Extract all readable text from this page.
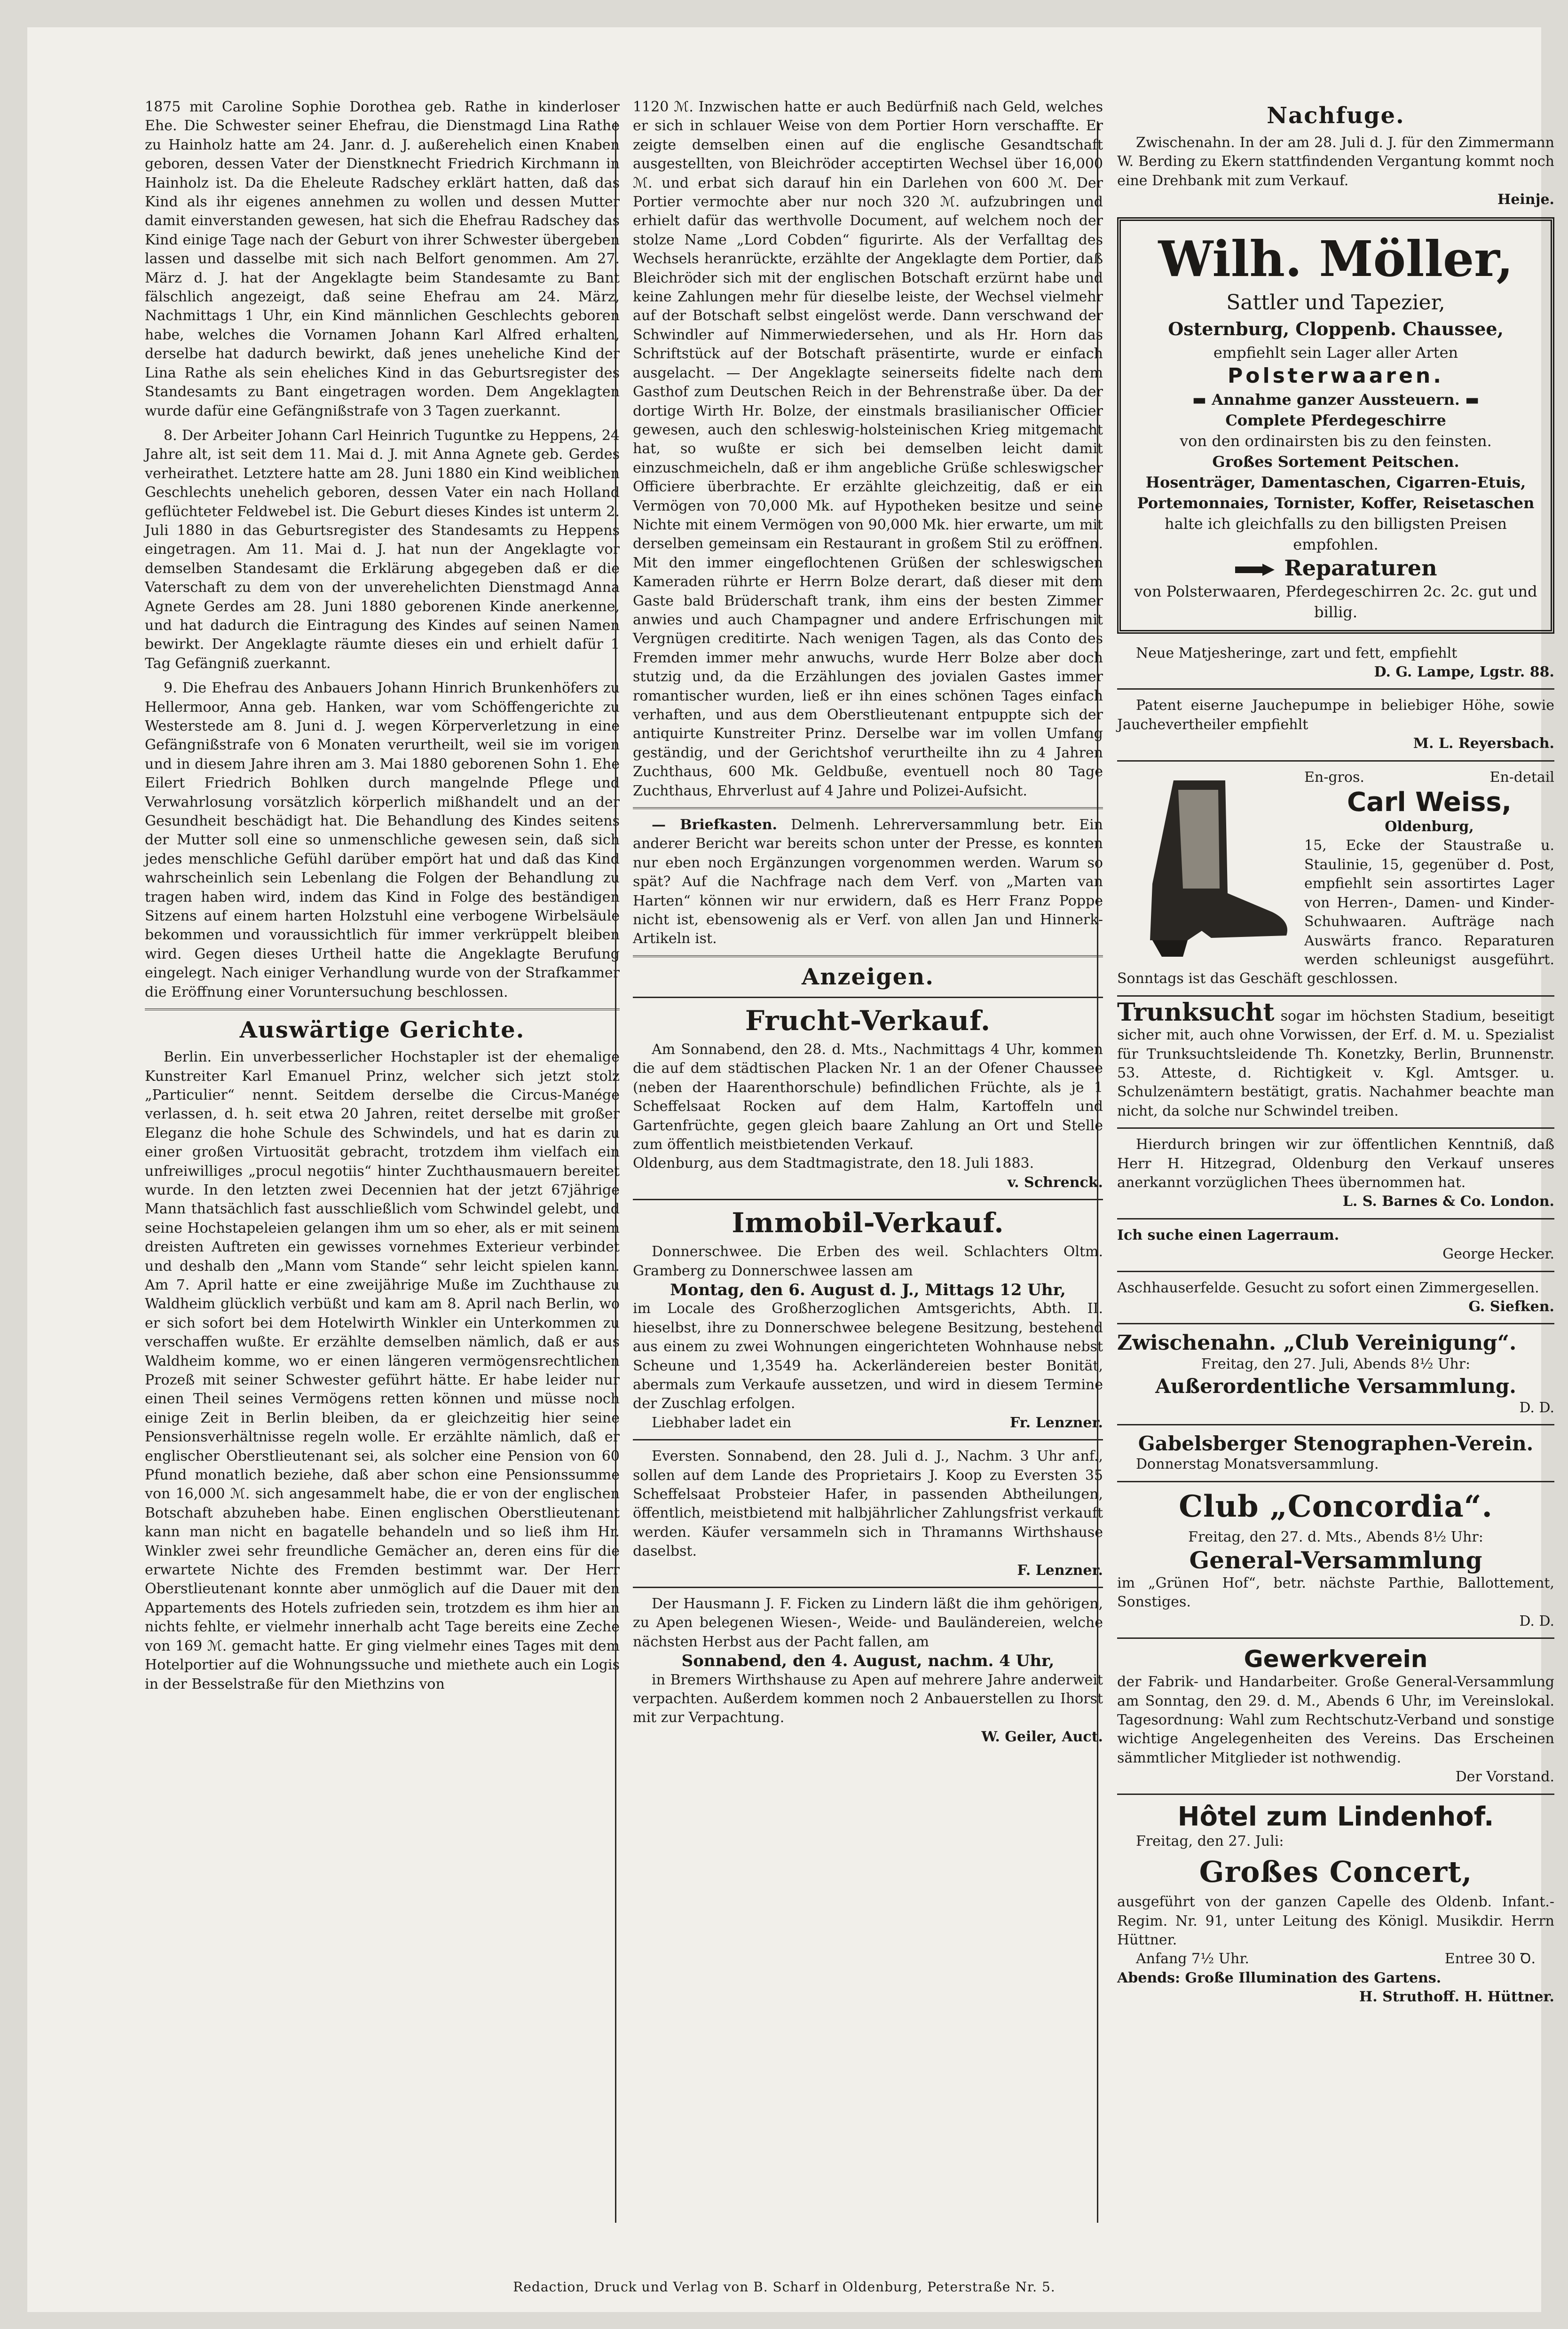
1875 mit Caroline Sophie Dorothea geb. Rathe in kinderloser Ehe. Die Schwester seiner Ehefrau, die Dienstmagd Lina Rathe zu Hainholz hatte am 24. Janr. d. J. außerehelich einen Knaben geboren, dessen Vater der Dienstknecht Friedrich Kirchmann in Hainholz ist. Da die Eheleute Radschey erklärt hatten, daß das Kind als ihr eigenes annehmen zu wollen und dessen Mutter damit einverstanden gewesen, hat sich die Ehefrau Radschey das Kind einige Tage nach der Geburt von ihrer Schwester übergeben lassen und dasselbe mit sich nach Belfort genommen. Am 27. März d. J. hat der Angeklagte beim Standesamte zu Bant fälschlich angezeigt, daß seine Ehefrau am 24. März, Nachmittags 1 Uhr, ein Kind männlichen Geschlechts geboren habe, welches die Vornamen Johann Karl Alfred erhalten, derselbe hat dadurch bewirkt, daß jenes uneheliche Kind der Lina Rathe als sein eheliches Kind in das Geburtsregister des Standesamts zu Bant eingetragen worden. Dem Angeklagten wurde dafür eine Gefängnißstrafe von 3 Tagen zuerkannt.

8. Der Arbeiter Johann Carl Heinrich Tuguntke zu Heppens, 24 Jahre alt, ist seit dem 11. Mai d. J. mit Anna Agnete geb. Gerdes verheirathet. Letztere hatte am 28. Juni 1880 ein Kind weiblichen Geschlechts unehelich geboren, dessen Vater ein nach Holland geflüchteter Feldwebel ist. Die Geburt dieses Kindes ist unterm 2. Juli 1880 in das Geburtsregister des Standesamts zu Heppens eingetragen. Am 11. Mai d. J. hat nun der Angeklagte vor demselben Standesamt die Erklärung abgegeben daß er die Vaterschaft zu dem von der unverehelichten Dienstmagd Anna Agnete Gerdes am 28. Juni 1880 geborenen Kinde anerkenne, und hat dadurch die Eintragung des Kindes auf seinen Namen bewirkt. Der Angeklagte räumte dieses ein und erhielt dafür 1 Tag Gefängniß zuerkannt.

9. Die Ehefrau des Anbauers Johann Hinrich Brunkenhöfers zu Hellermoor, Anna geb. Hanken, war vom Schöffengerichte zu Westerstede am 8. Juni d. J. wegen Körperverletzung in eine Gefängnißstrafe von 6 Monaten verurtheilt, weil sie im vorigen und in diesem Jahre ihren am 3. Mai 1880 geborenen Sohn 1. Ehe Eilert Friedrich Bohlken durch mangelnde Pflege und Verwahrlosung vorsätzlich körperlich mißhandelt und an der Gesundheit beschädigt hat. Die Behandlung des Kindes seitens der Mutter soll eine so unmenschliche gewesen sein, daß sich jedes menschliche Gefühl darüber empört hat und daß das Kind wahrscheinlich sein Lebenlang die Folgen der Behandlung zu tragen haben wird, indem das Kind in Folge des beständigen Sitzens auf einem harten Holzstuhl eine verbogene Wirbelsäule bekommen und voraussichtlich für immer verkrüppelt bleiben wird. Gegen dieses Urtheil hatte die Angeklagte Berufung eingelegt. Nach einiger Verhandlung wurde von der Strafkammer die Eröffnung einer Voruntersuchung beschlossen.

Auswärtige Gerichte.

Berlin. Ein unverbesserlicher Hochstapler ist der ehemalige Kunstreiter Karl Emanuel Prinz, welcher sich jetzt stolz „Particulier“ nennt. Seitdem derselbe die Circus-Manége verlassen, d. h. seit etwa 20 Jahren, reitet derselbe mit großer Eleganz die hohe Schule des Schwindels, und hat es darin zu einer großen Virtuosität gebracht, trotzdem ihm vielfach ein unfreiwilliges „procul negotiis“ hinter Zuchthausmauern bereitet wurde. In den letzten zwei Decennien hat der jetzt 67jährige Mann thatsächlich fast ausschließlich vom Schwindel gelebt, und seine Hochstapeleien gelangen ihm um so eher, als er mit seinem dreisten Auftreten ein gewisses vornehmes Exterieur verbindet und deshalb den „Mann vom Stande“ sehr leicht spielen kann. Am 7. April hatte er eine zweijährige Muße im Zuchthause zu Waldheim glücklich verbüßt und kam am 8. April nach Berlin, wo er sich sofort bei dem Hotelwirth Winkler ein Unterkommen zu verschaffen wußte. Er erzählte demselben nämlich, daß er aus Waldheim komme, wo er einen längeren vermögensrechtlichen Prozeß mit seiner Schwester geführt hätte. Er habe leider nur einen Theil seines Vermögens retten können und müsse noch einige Zeit in Berlin bleiben, da er gleichzeitig hier seine Pensionsverhältnisse regeln wolle. Er erzählte nämlich, daß er englischer Oberstlieutenant sei, als solcher eine Pension von 60 Pfund monatlich beziehe, daß aber schon eine Pensionssumme von 16,000 ℳ. sich angesammelt habe, die er von der englischen Botschaft abzuheben habe. Einen englischen Oberstlieutenant kann man nicht en bagatelle behandeln und so ließ ihm Hr. Winkler zwei sehr freundliche Gemächer an, deren eins für die erwartete Nichte des Fremden bestimmt war. Der Herr Oberstlieutenant konnte aber unmöglich auf die Dauer mit den Appartements des Hotels zufrieden sein, trotzdem es ihm hier an nichts fehlte, er vielmehr innerhalb acht Tage bereits eine Zeche von 169 ℳ. gemacht hatte. Er ging vielmehr eines Tages mit dem Hotelportier auf die Wohnungssuche und miethete auch ein Logis in der Besselstraße für den Miethzins von

1120 ℳ. Inzwischen hatte er auch Bedürfniß nach Geld, welches er sich in schlauer Weise von dem Portier Horn verschaffte. Er zeigte demselben einen auf die englische Gesandtschaft ausgestellten, von Bleichröder acceptirten Wechsel über 16,000 ℳ. und erbat sich darauf hin ein Darlehen von 600 ℳ. Der Portier vermochte aber nur noch 320 ℳ. aufzubringen und erhielt dafür das werthvolle Document, auf welchem noch der stolze Name „Lord Cobden“ figurirte. Als der Verfalltag des Wechsels heranrückte, erzählte der Angeklagte dem Portier, daß Bleichröder sich mit der englischen Botschaft erzürnt habe und keine Zahlungen mehr für dieselbe leiste, der Wechsel vielmehr auf der Botschaft selbst eingelöst werde. Dann verschwand der Schwindler auf Nimmerwiedersehen, und als Hr. Horn das Schriftstück auf der Botschaft präsentirte, wurde er einfach ausgelacht. — Der Angeklagte seinerseits fidelte nach dem Gasthof zum Deutschen Reich in der Behrenstraße über. Da der dortige Wirth Hr. Bolze, der einstmals brasilianischer Officier gewesen, auch den schleswig-holsteinischen Krieg mitgemacht hat, so wußte er sich bei demselben leicht damit einzuschmeicheln, daß er ihm angebliche Grüße schleswigscher Officiere überbrachte. Er erzählte gleichzeitig, daß er ein Vermögen von 70,000 Mk. auf Hypotheken besitze und seine Nichte mit einem Vermögen von 90,000 Mk. hier erwarte, um mit derselben gemeinsam ein Restaurant in großem Stil zu eröffnen. Mit den immer eingeflochtenen Grüßen der schleswigschen Kameraden rührte er Herrn Bolze derart, daß dieser mit dem Gaste bald Brüderschaft trank, ihm eins der besten Zimmer anwies und auch Champagner und andere Erfrischungen mit Vergnügen creditirte. Nach wenigen Tagen, als das Conto des Fremden immer mehr anwuchs, wurde Herr Bolze aber doch stutzig und, da die Erzählungen des jovialen Gastes immer romantischer wurden, ließ er ihn eines schönen Tages einfach verhaften, und aus dem Oberstlieutenant entpuppte sich der antiquirte Kunstreiter Prinz. Derselbe war im vollen Umfang geständig, und der Gerichtshof verurtheilte ihn zu 4 Jahren Zuchthaus, 600 Mk. Geldbuße, eventuell noch 80 Tage Zuchthaus, Ehrverlust auf 4 Jahre und Polizei-Aufsicht.

— Briefkasten. Delmenh. Lehrerversammlung betr. Ein anderer Bericht war bereits schon unter der Presse, es konnten nur eben noch Ergänzungen vorgenommen werden. Warum so spät? Auf die Nachfrage nach dem Verf. von „Marten van Harten“ können wir nur erwidern, daß es Herr Franz Poppe nicht ist, ebensowenig als er Verf. von allen Jan und Hinnerk-Artikeln ist.

Anzeigen.
Frucht-Verkauf.

Am Sonnabend, den 28. d. Mts., Nachmittags 4 Uhr, kommen die auf dem städtischen Placken Nr. 1 an der Ofener Chaussee (neben der Haarenthorschule) befindlichen Früchte, als je 1 Scheffelsaat Rocken auf dem Halm, Kartoffeln und Gartenfrüchte, gegen gleich baare Zahlung an Ort und Stelle zum öffentlich meistbietenden Verkauf.

Oldenburg, aus dem Stadtmagistrate, den 18. Juli 1883.

v. Schrenck.

Immobil-Verkauf.

Donnerschwee. Die Erben des weil. Schlachters Oltm. Gramberg zu Donnerschwee lassen am

Montag, den 6. August d. J., Mittags 12 Uhr,

im Locale des Großherzoglichen Amtsgerichts, Abth. II. hieselbst, ihre zu Donnerschwee belegene Besitzung, bestehend aus einem zu zwei Wohnungen eingerichteten Wohnhause nebst Scheune und 1,3549 ha. Ackerländereien bester Bonität, abermals zum Verkaufe aussetzen, und wird in diesem Termine der Zuschlag erfolgen.

Liebhaber ladet ein	Fr. Lenzner.

Eversten. Sonnabend, den 28. Juli d. J., Nachm. 3 Uhr anf., sollen auf dem Lande des Proprietairs J. Koop zu Eversten 35 Scheffelsaat Probsteier Hafer, in passenden Abtheilungen, öffentlich, meistbietend mit halbjährlicher Zahlungsfrist verkauft werden. Käufer versammeln sich in Thramanns Wirthshause daselbst.

F. Lenzner.

Der Hausmann J. F. Ficken zu Lindern läßt die ihm gehörigen, zu Apen belegenen Wiesen-, Weide- und Bauländereien, welche nächsten Herbst aus der Pacht fallen, am

Sonnabend, den 4. August, nachm. 4 Uhr,

in Bremers Wirthshause zu Apen auf mehrere Jahre anderweit verpachten. Außerdem kommen noch 2 Anbauerstellen zu Ihorst mit zur Verpachtung.

W. Geiler, Auct.

Nachfuge.

Zwischenahn. In der am 28. Juli d. J. für den Zimmermann W. Berding zu Ekern stattfindenden Vergantung kommt noch eine Drehbank mit zum Verkauf.

Heinje.

Wilh. Möller,
Sattler und Tapezier,
Osternburg, Cloppenb. Chaussee,

empfiehlt sein Lager aller Arten

Polsterwaaren.

▬ Annahme ganzer Aussteuern. ▬

Complete Pferdegeschirre

von den ordinairsten bis zu den feinsten.

Großes Sortement Peitschen.

Hosenträger, Damentaschen, Cigarren-Etuis, Portemonnaies, Tornister, Koffer, Reisetaschen

halte ich gleichfalls zu den billigsten Preisen empfohlen.

Reparaturen

von Polsterwaaren, Pferdegeschirren 2c. 2c. gut und billig.

Neue Matjesheringe, zart und fett, empfiehlt

D. G. Lampe, Lgstr. 88.

Patent eiserne Jauchepumpe in beliebiger Höhe, sowie Jauchevertheiler empfiehlt

M. L. Reyersbach.

En-gros.	En-detail

Carl Weiss,

Oldenburg,

15, Ecke der Staustraße u. Staulinie, 15, gegenüber d. Post, empfiehlt sein assortirtes Lager von Herren-, Damen- und Kinder-Schuhwaaren. Aufträge nach Auswärts franco. Reparaturen werden schleunigst ausgeführt. Sonntags ist das Geschäft geschlossen.

Trunksucht sogar im höchsten Stadium, beseitigt sicher mit, auch ohne Vorwissen, der Erf. d. M. u. Spezialist für Trunksuchtsleidende Th. Konetzky, Berlin, Brunnenstr. 53. Atteste, d. Richtigkeit v. Kgl. Amtsger. u. Schulzenämtern bestätigt, gratis. Nachahmer beachte man nicht, da solche nur Schwindel treiben.

Hierdurch bringen wir zur öffentlichen Kenntniß, daß Herr H. Hitzegrad, Oldenburg den Verkauf unseres anerkannt vorzüglichen Thees übernommen hat.

L. S. Barnes & Co. London.

Ich suche einen Lagerraum.

George Hecker.

Aschhauserfelde. Gesucht zu sofort einen Zimmergesellen.

G. Siefken.

Zwischenahn. „Club Vereinigung“.

Freitag, den 27. Juli, Abends 8½ Uhr:

Außerordentliche Versammlung.

D. D.

Gabelsberger Stenographen-Verein.

Donnerstag Monatsversammlung.

Club „Concordia“.

Freitag, den 27. d. Mts., Abends 8½ Uhr:

General-Versammlung

im „Grünen Hof“, betr. nächste Parthie, Ballottement, Sonstiges.

D. D.

Gewerkverein

der Fabrik- und Handarbeiter. Große General-Versammlung am Sonntag, den 29. d. M., Abends 6 Uhr, im Vereinslokal. Tagesordnung: Wahl zum Rechtschutz-Verband und sonstige wichtige Angelegenheiten des Vereins. Das Erscheinen sämmtlicher Mitglieder ist nothwendig.

Der Vorstand.

Hôtel zum Lindenhof.

Freitag, den 27. Juli:

Großes Concert,

ausgeführt von der ganzen Capelle des Oldenb. Infant.-Regim. Nr. 91, unter Leitung des Königl. Musikdir. Herrn Hüttner.

Anfang 7½ Uhr.	Entree 30 Ꝺ.

Abends: Große Illumination des Gartens.

H. Struthoff. H. Hüttner.

Redaction, Druck und Verlag von B. Scharf in Oldenburg, Peterstraße Nr. 5.
